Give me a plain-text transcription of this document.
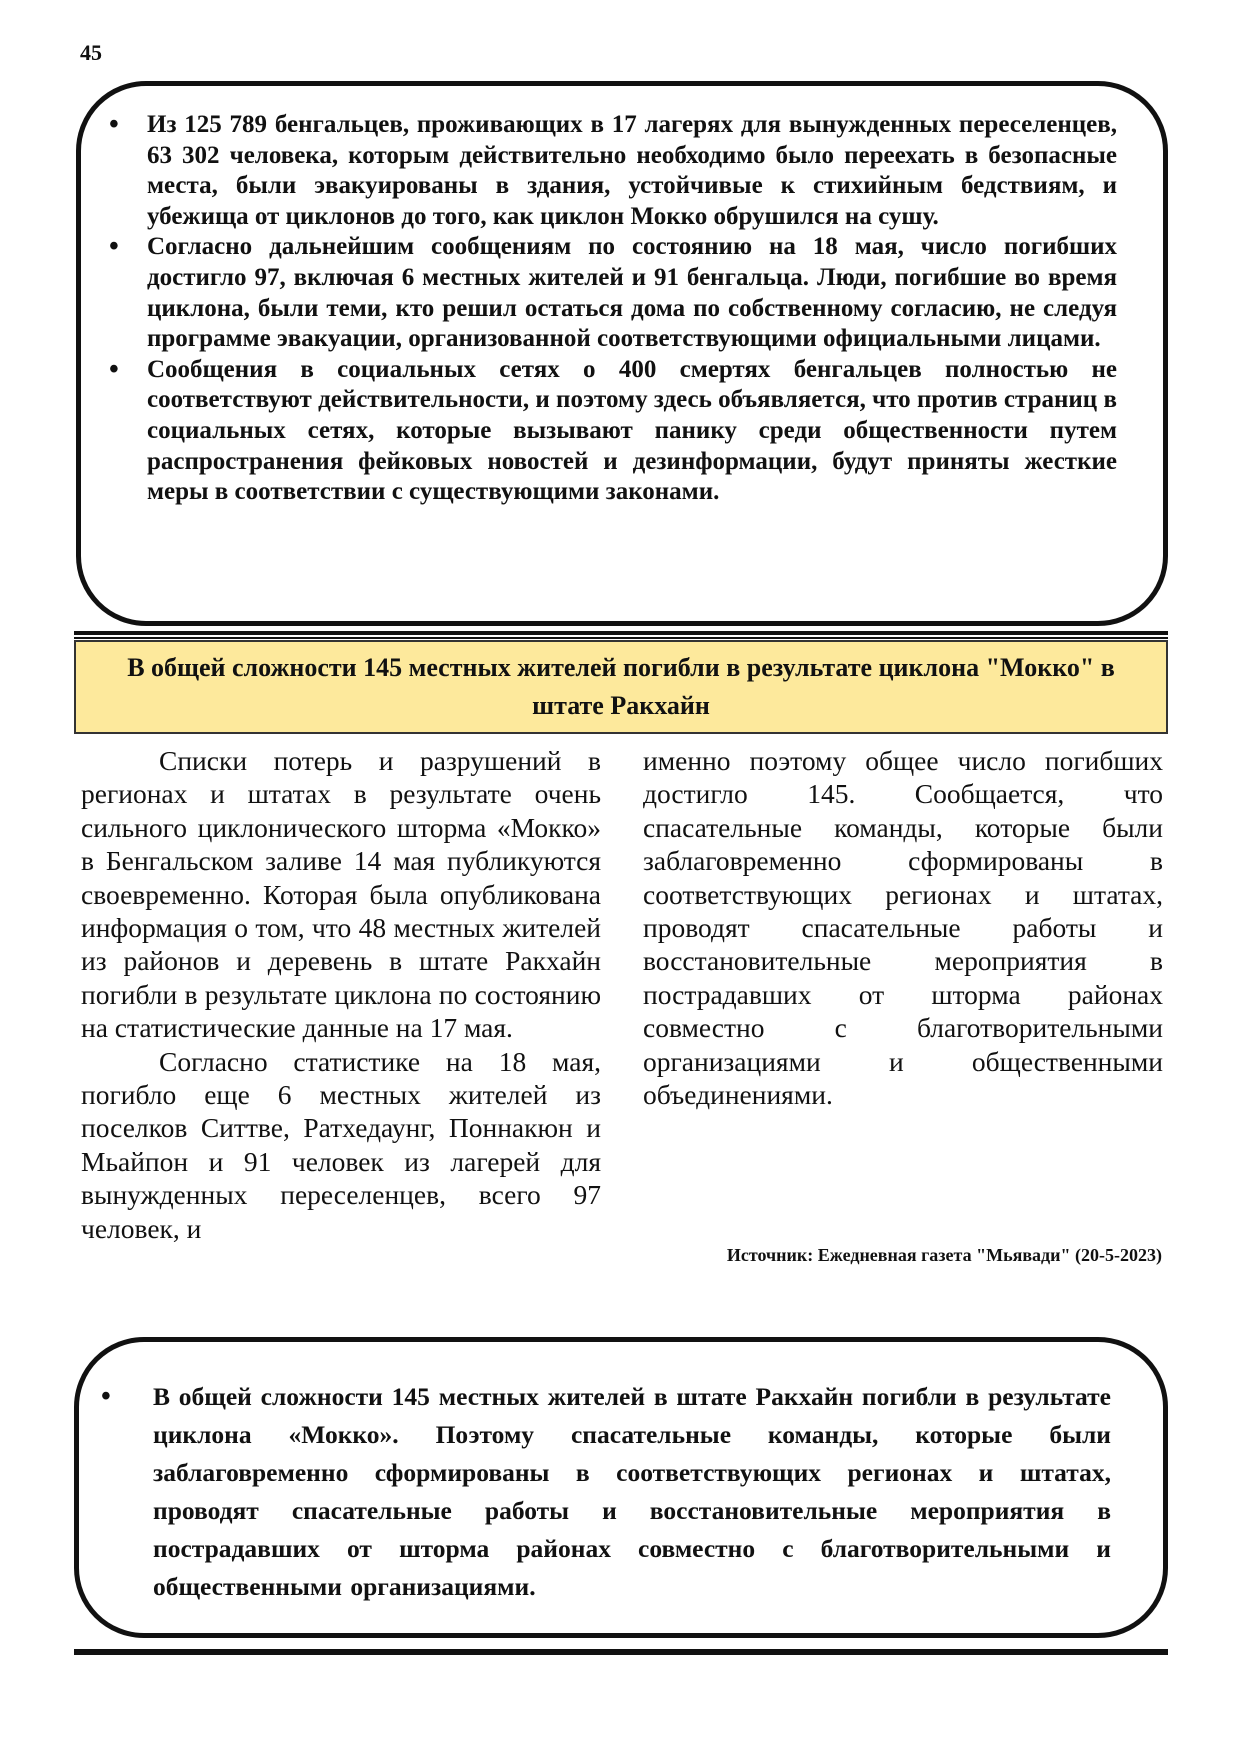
45
• Из 125 789 бенгальцев, проживающих в 17 лагерях для вынужденных переселенцев, 63 302 человека, которым действительно необходимо было переехать в безопасные места, были эвакуированы в здания, устойчивые к стихийным бедствиям, и убежища от циклонов до того, как циклон Мокко обрушился на сушу.
• Согласно дальнейшим сообщениям по состоянию на 18 мая, число погибших достигло 97, включая 6 местных жителей и 91 бенгальца. Люди, погибшие во время циклона, были теми, кто решил остаться дома по собственному согласию, не следуя программе эвакуации, организованной соответствующими официальными лицами.
• Сообщения в социальных сетях о 400 смертях бенгальцев полностью не соответствуют действительности, и поэтому здесь объявляется, что против страниц в социальных сетях, которые вызывают панику среди общественности путем распространения фейковых новостей и дезинформации, будут приняты жесткие меры в соответствии с существующими законами.
В общей сложности 145 местных жителей погибли в результате циклона "Мокко" в штате Ракхайн

Списки потерь и разрушений в регионах и штатах в результате очень сильного циклонического шторма «Мокко» в Бенгальском заливе 14 мая публикуются своевременно. Которая была опубликована информация о том, что 48 местных жителей из районов и деревень в штате Ракхайн погибли в результате циклона по состоянию на статистические данные на 17 мая.

Согласно статистике на 18 мая, погибло еще 6 местных жителей из поселков Ситтве, Ратхедаунг, Поннакюн и Мьайпон и 91 человек из лагерей для вынужденных переселенцев, всего 97 человек, и

именно поэтому общее число погибших достигло 145. Сообщается, что спасательные команды, которые были заблаговременно сформированы в соответствующих регионах и штатах, проводят спасательные работы и восстановительные мероприятия в пострадавших от шторма районах совместно с благотворительными организациями и общественными объединениями.

Источник: Ежедневная газета "Мьявади" (20-5-2023)
• В общей сложности 145 местных жителей в штате Ракхайн погибли в результате циклона «Мокко». Поэтому спасательные команды, которые были заблаговременно сформированы в соответствующих регионах и штатах, проводят спасательные работы и восстановительные мероприятия в пострадавших от шторма районах совместно с благотворительными и общественными организациями.
